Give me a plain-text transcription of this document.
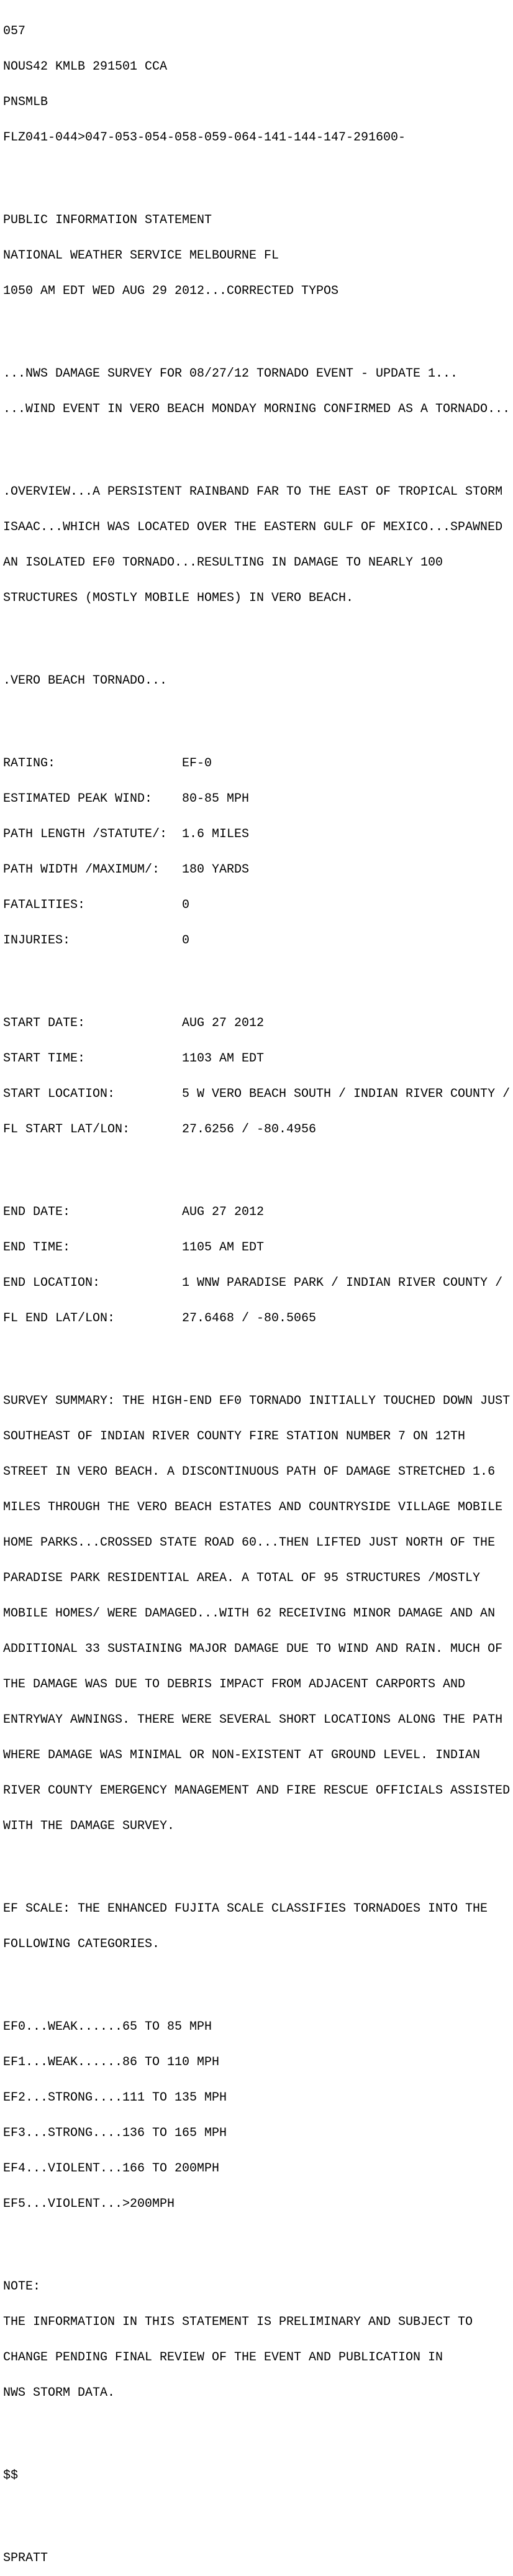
057

NOUS42 KMLB 291501 CCA

PNSMLB

FLZ041-044>047-053-054-058-059-064-141-144-147-291600-

PUBLIC INFORMATION STATEMENT

NATIONAL WEATHER SERVICE MELBOURNE FL

1050 AM EDT WED AUG 29 2012...CORRECTED TYPOS

...NWS DAMAGE SURVEY FOR 08/27/12 TORNADO EVENT - UPDATE 1...

...WIND EVENT IN VERO BEACH MONDAY MORNING CONFIRMED AS A TORNADO...

.OVERVIEW...A PERSISTENT RAINBAND FAR TO THE EAST OF TROPICAL STORM

ISAAC...WHICH WAS LOCATED OVER THE EASTERN GULF OF MEXICO...SPAWNED

AN ISOLATED EF0 TORNADO...RESULTING IN DAMAGE TO NEARLY 100

STRUCTURES (MOSTLY MOBILE HOMES) IN VERO BEACH.

.VERO BEACH TORNADO...

RATING:                 EF-0

ESTIMATED PEAK WIND:    80-85 MPH

PATH LENGTH /STATUTE/:  1.6 MILES

PATH WIDTH /MAXIMUM/:   180 YARDS

FATALITIES:             0

INJURIES:               0

START DATE:             AUG 27 2012

START TIME:             1103 AM EDT

START LOCATION:         5 W VERO BEACH SOUTH / INDIAN RIVER COUNTY /

FL START LAT/LON:       27.6256 / -80.4956

END DATE:               AUG 27 2012

END TIME:               1105 AM EDT

END LOCATION:           1 WNW PARADISE PARK / INDIAN RIVER COUNTY /

FL END LAT/LON:         27.6468 / -80.5065

SURVEY SUMMARY: THE HIGH-END EF0 TORNADO INITIALLY TOUCHED DOWN JUST

SOUTHEAST OF INDIAN RIVER COUNTY FIRE STATION NUMBER 7 ON 12TH

STREET IN VERO BEACH. A DISCONTINUOUS PATH OF DAMAGE STRETCHED 1.6

MILES THROUGH THE VERO BEACH ESTATES AND COUNTRYSIDE VILLAGE MOBILE

HOME PARKS...CROSSED STATE ROAD 60...THEN LIFTED JUST NORTH OF THE

PARADISE PARK RESIDENTIAL AREA. A TOTAL OF 95 STRUCTURES /MOSTLY

MOBILE HOMES/ WERE DAMAGED...WITH 62 RECEIVING MINOR DAMAGE AND AN

ADDITIONAL 33 SUSTAINING MAJOR DAMAGE DUE TO WIND AND RAIN. MUCH OF

THE DAMAGE WAS DUE TO DEBRIS IMPACT FROM ADJACENT CARPORTS AND

ENTRYWAY AWNINGS. THERE WERE SEVERAL SHORT LOCATIONS ALONG THE PATH

WHERE DAMAGE WAS MINIMAL OR NON-EXISTENT AT GROUND LEVEL. INDIAN

RIVER COUNTY EMERGENCY MANAGEMENT AND FIRE RESCUE OFFICIALS ASSISTED

WITH THE DAMAGE SURVEY.

EF SCALE: THE ENHANCED FUJITA SCALE CLASSIFIES TORNADOES INTO THE

FOLLOWING CATEGORIES.

EF0...WEAK......65 TO 85 MPH

EF1...WEAK......86 TO 110 MPH

EF2...STRONG....111 TO 135 MPH

EF3...STRONG....136 TO 165 MPH

EF4...VIOLENT...166 TO 200MPH

EF5...VIOLENT...>200MPH

NOTE:

THE INFORMATION IN THIS STATEMENT IS PRELIMINARY AND SUBJECT TO

CHANGE PENDING FINAL REVIEW OF THE EVENT AND PUBLICATION IN

NWS STORM DATA.

$$

SPRATT
